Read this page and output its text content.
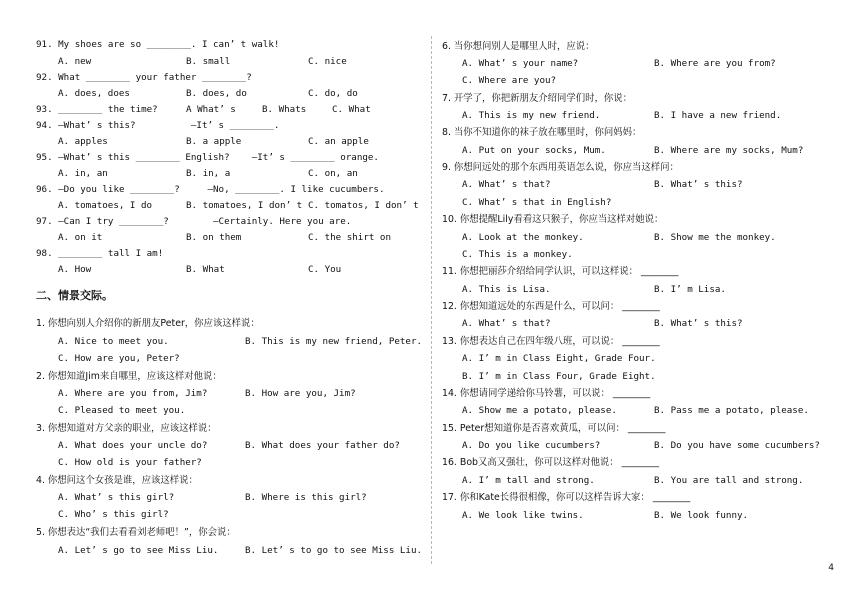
91. My shoes are so ________. I can’ t walk!
A. new	B. small	C. nice
92. What ________ your father ________?
A. does, does	B. does, do	C. do, do
93. ________ the time?	A What’ s	B. Whats	C. What
94. —What’ s this?          —It’ s ________.
A. apples	B. a apple	C. an apple
95. —What’ s this ________ English?    —It’ s ________ orange.
A. in, an	B. in, a	C. on, an
96. —Do you like ________?     —No, ________. I like cucumbers.
A. tomatoes, I do	B. tomatoes, I don’ t C. tomatos, I don’ t
97. —Can I try ________?        —Certainly. Here you are.
A. on it	B. on them	C. the shirt on
98. ________ tall I am!
A. How	B. What	C. You
二、情景交际。
1. 你想向别人介绍你的新朋友Peter，你应该这样说：
A. Nice to meet you.	B. This is my new friend, Peter.
C. How are you, Peter?
2. 你想知道Jim来自哪里，应该这样对他说：
A. Where are you from, Jim?	B. How are you, Jim?
C. Pleased to meet you.
3. 你想知道对方父亲的职业，应该这样说：
A. What does your uncle do?	B. What does your father do?
C. How old is your father?
4. 你想问这个女孩是谁，应该这样说：
A. What’ s this girl?	B. Where is this girl?
C. Who’ s this girl?
5. 你想表达“我们去看看刘老师吧！”，你会说：
A. Let’ s go to see Miss Liu.	B. Let’ s to go to see Miss Liu.
6. 当你想问别人是哪里人时，应说：
A. What’ s your name?	B. Where are you from?
C. Where are you?
7. 开学了，你把新朋友介绍同学们时，你说：
A. This is my new friend.	B. I have a new friend.
8. 当你不知道你的袜子放在哪里时，你问妈妈：
A. Put on your socks, Mum.	B. Where are my socks, Mum?
9. 你想问远处的那个东西用英语怎么说，你应当这样问：
A. What’ s that?	B. What’ s this?
C. What’ s that in English?
10. 你想提醒Lily看看这只猴子，你应当这样对她说：
A. Look at the monkey.	B. Show me the monkey.
C. This is a monkey.
11. 你想把丽莎介绍给同学认识，可以这样说： ________
A. This is Lisa.	B. I’ m Lisa.
12. 你想知道远处的东西是什么，可以问： ________
A. What’ s that?	B. What’ s this?
13. 你想表达自己在四年级八班，可以说： ________
A. I’ m in Class Eight, Grade Four.
B. I’ m in Class Four, Grade Eight.
14. 你想请同学递给你马铃薯，可以说： ________
A. Show me a potato, please.	B. Pass me a potato, please.
15. Peter想知道你是否喜欢黄瓜，可以问： ________
A. Do you like cucumbers?	B. Do you have some cucumbers?
16. Bob又高又强壮，你可以这样对他说： ________
A. I’ m tall and strong.	B. You are tall and strong.
17. 你和Kate长得很相像，你可以这样告诉大家： ________
A. We look like twins.	B. We look funny.
4
